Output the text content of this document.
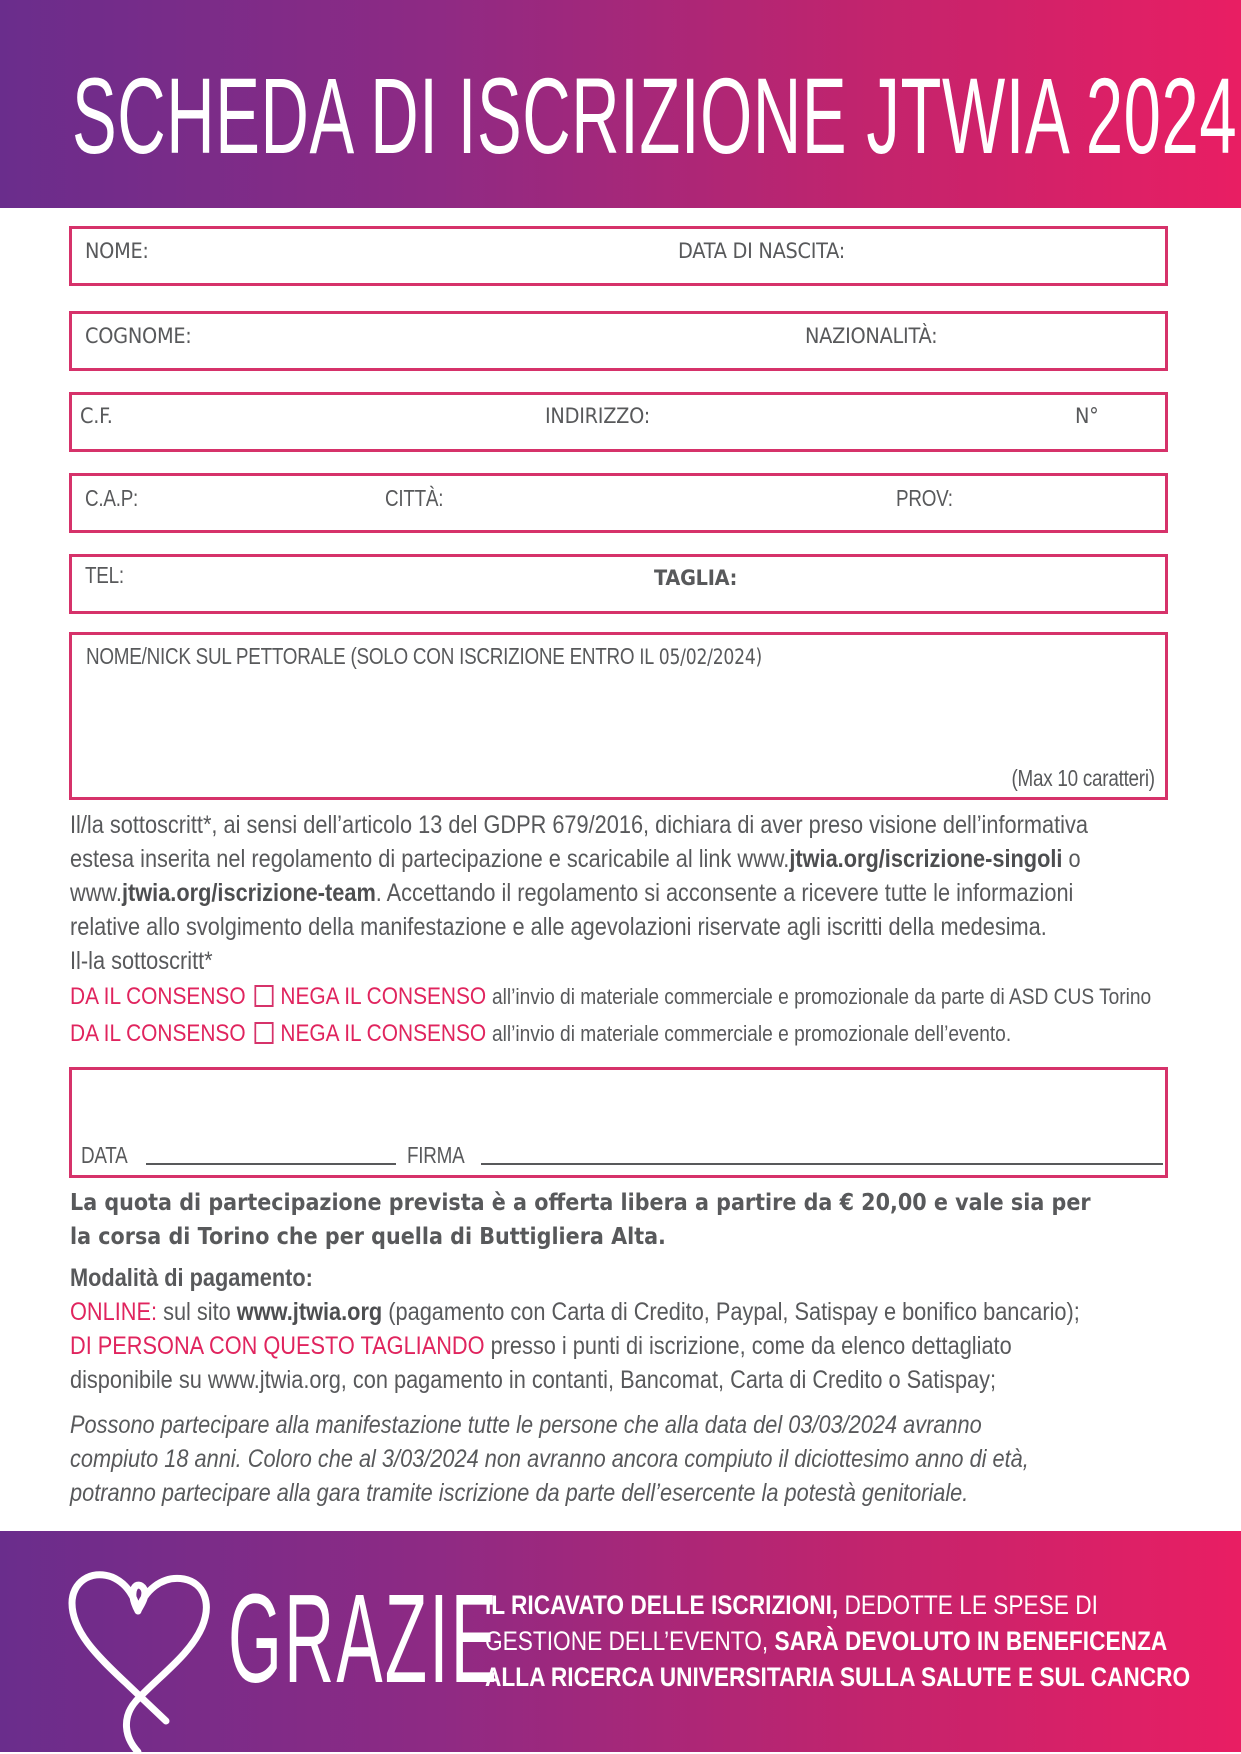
SCHEDA DI ISCRIZIONE JTWIA 2024
NOME:	DATA DI NASCITA:
COGNOME:	NAZIONALITÀ:
C.F.	INDIRIZZO:	N°
C.A.P:	CITTÀ:	PROV:
TEL:	TAGLIA:
NOME/NICK SUL PETTORALE (SOLO CON ISCRIZIONE ENTRO IL 05/02/2024)
(Max 10 caratteri)
Il/la sottoscritt*, ai sensi dell’articolo 13 del GDPR 679/2016, dichiara di aver preso visione dell’informativa
estesa inserita nel regolamento di partecipazione e scaricabile al link www.jtwia.org/iscrizione-singoli o
www.jtwia.org/iscrizione-team. Accettando il regolamento si acconsente a ricevere tutte le informazioni
relative allo svolgimento della manifestazione e alle agevolazioni riservate agli iscritti della medesima.
Il-la sottoscritt*
DA IL CONSENSO NEGA IL CONSENSO all’invio di materiale commerciale e promozionale da parte di ASD CUS Torino
DA IL CONSENSO NEGA IL CONSENSO all’invio di materiale commerciale e promozionale dell’evento.
DATA	FIRMA
La quota di partecipazione prevista è a offerta libera a partire da € 20,00 e vale sia per
la corsa di Torino che per quella di Buttigliera Alta.
Modalità di pagamento:
ONLINE: sul sito www.jtwia.org (pagamento con Carta di Credito, Paypal, Satispay e bonifico bancario);
DI PERSONA CON QUESTO TAGLIANDO presso i punti di iscrizione, come da elenco dettagliato
disponibile su www.jtwia.org, con pagamento in contanti, Bancomat, Carta di Credito o Satispay;
Possono partecipare alla manifestazione tutte le persone che alla data del 03/03/2024 avranno
compiuto 18 anni. Coloro che al 3/03/2024 non avranno ancora compiuto il diciottesimo anno di età,
potranno partecipare alla gara tramite iscrizione da parte dell’esercente la potestà genitoriale.
GRAZIE
IL RICAVATO DELLE ISCRIZIONI, DEDOTTE LE SPESE DI
GESTIONE DELL’EVENTO, SARÀ DEVOLUTO IN BENEFICENZA
ALLA RICERCA UNIVERSITARIA SULLA SALUTE E SUL CANCRO
